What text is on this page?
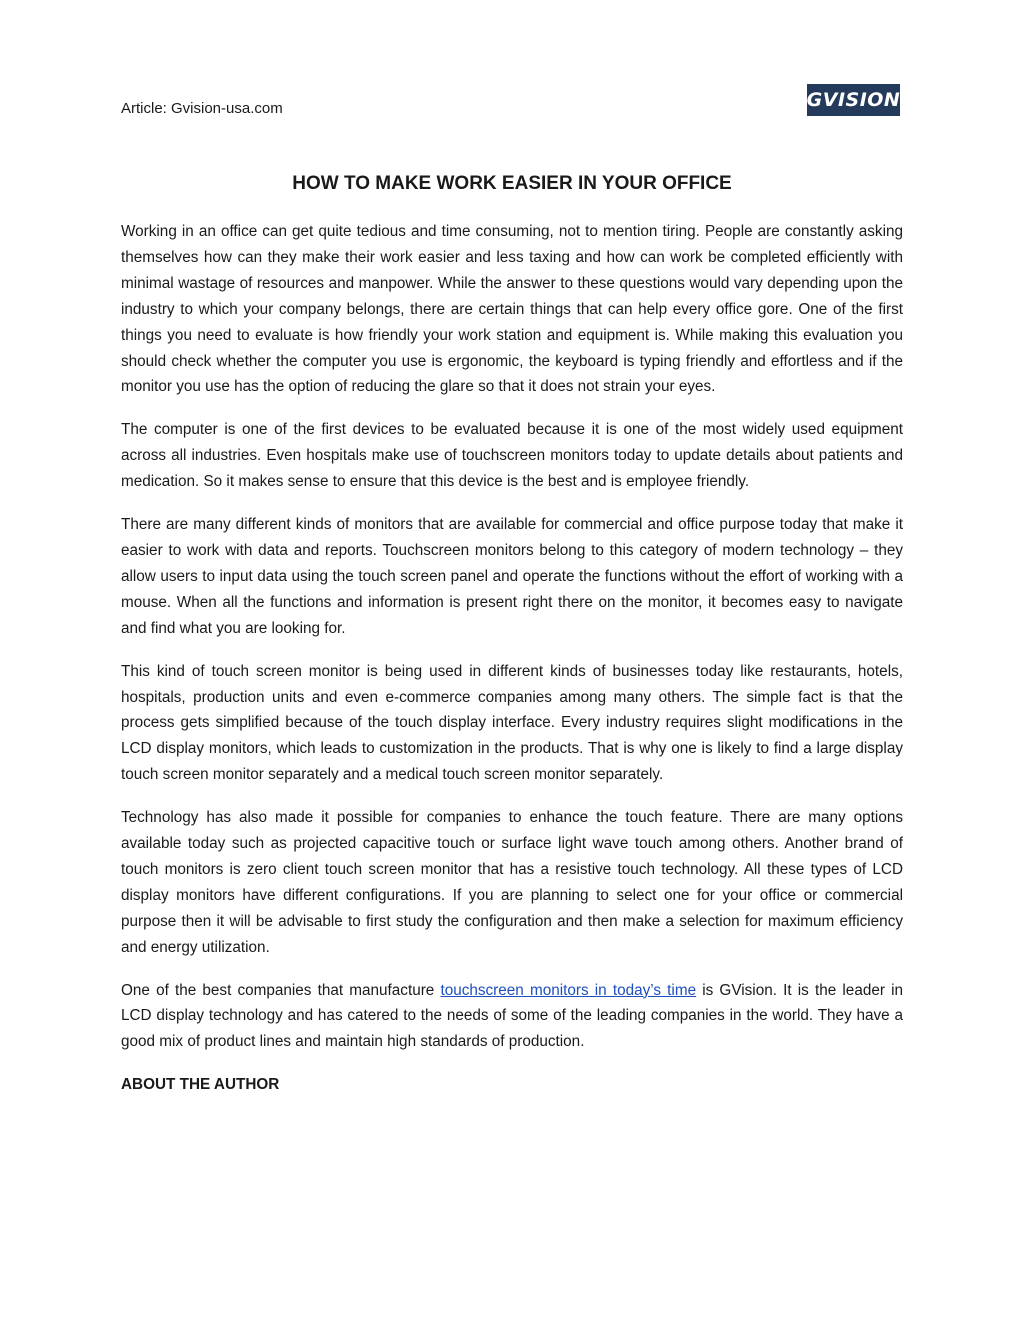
Article: Gvision-usa.com	GVISION
HOW TO MAKE WORK EASIER IN YOUR OFFICE

Working in an office can get quite tedious and time consuming, not to mention tiring. People are constantly asking themselves how can they make their work easier and less taxing and how can work be completed efficiently with minimal wastage of resources and manpower. While the answer to these questions would vary depending upon the industry to which your company belongs, there are certain things that can help every office gore. One of the first things you need to evaluate is how friendly your work station and equipment is. While making this evaluation you should check whether the computer you use is ergonomic, the keyboard is typing friendly and effortless and if the monitor you use has the option of reducing the glare so that it does not strain your eyes.

The computer is one of the first devices to be evaluated because it is one of the most widely used equipment across all industries. Even hospitals make use of touchscreen monitors today to update details about patients and medication. So it makes sense to ensure that this device is the best and is employee friendly.

There are many different kinds of monitors that are available for commercial and office purpose today that make it easier to work with data and reports. Touchscreen monitors belong to this category of modern technology – they allow users to input data using the touch screen panel and operate the functions without the effort of working with a mouse. When all the functions and information is present right there on the monitor, it becomes easy to navigate and find what you are looking for.

This kind of touch screen monitor is being used in different kinds of businesses today like restaurants, hotels, hospitals, production units and even e-commerce companies among many others. The simple fact is that the process gets simplified because of the touch display interface. Every industry requires slight modifications in the LCD display monitors, which leads to customization in the products. That is why one is likely to find a large display touch screen monitor separately and a medical touch screen monitor separately.

Technology has also made it possible for companies to enhance the touch feature. There are many options available today such as projected capacitive touch or surface light wave touch among others. Another brand of touch monitors is zero client touch screen monitor that has a resistive touch technology. All these types of LCD display monitors have different configurations. If you are planning to select one for your office or commercial purpose then it will be advisable to first study the configuration and then make a selection for maximum efficiency and energy utilization.

One of the best companies that manufacture touchscreen monitors in today’s time is GVision. It is the leader in LCD display technology and has catered to the needs of some of the leading companies in the world. They have a good mix of product lines and maintain high standards of production.

ABOUT THE AUTHOR
